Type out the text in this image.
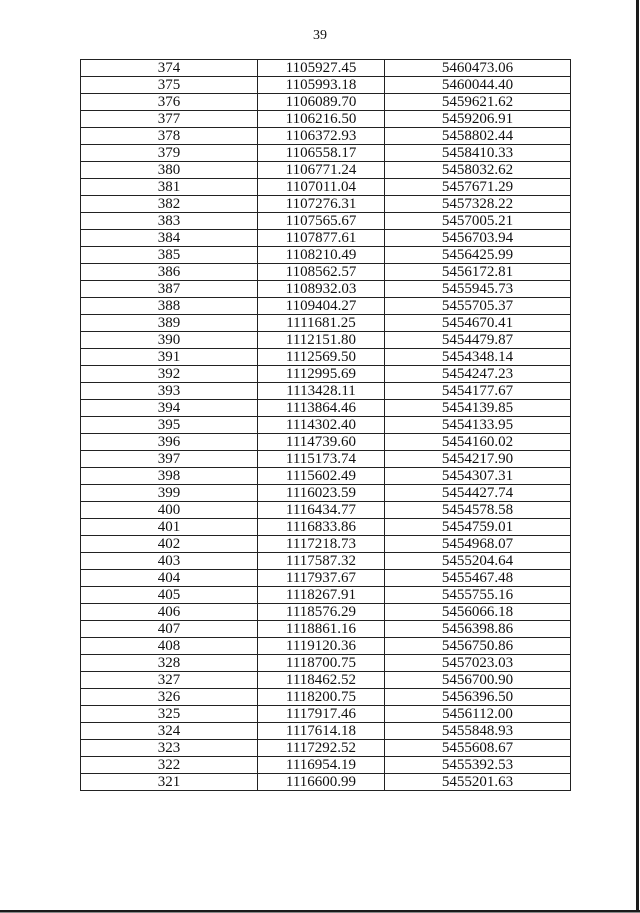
39
374	1105927.45	5460473.06
375	1105993.18	5460044.40
376	1106089.70	5459621.62
377	1106216.50	5459206.91
378	1106372.93	5458802.44
379	1106558.17	5458410.33
380	1106771.24	5458032.62
381	1107011.04	5457671.29
382	1107276.31	5457328.22
383	1107565.67	5457005.21
384	1107877.61	5456703.94
385	1108210.49	5456425.99
386	1108562.57	5456172.81
387	1108932.03	5455945.73
388	1109404.27	5455705.37
389	1111681.25	5454670.41
390	1112151.80	5454479.87
391	1112569.50	5454348.14
392	1112995.69	5454247.23
393	1113428.11	5454177.67
394	1113864.46	5454139.85
395	1114302.40	5454133.95
396	1114739.60	5454160.02
397	1115173.74	5454217.90
398	1115602.49	5454307.31
399	1116023.59	5454427.74
400	1116434.77	5454578.58
401	1116833.86	5454759.01
402	1117218.73	5454968.07
403	1117587.32	5455204.64
404	1117937.67	5455467.48
405	1118267.91	5455755.16
406	1118576.29	5456066.18
407	1118861.16	5456398.86
408	1119120.36	5456750.86
328	1118700.75	5457023.03
327	1118462.52	5456700.90
326	1118200.75	5456396.50
325	1117917.46	5456112.00
324	1117614.18	5455848.93
323	1117292.52	5455608.67
322	1116954.19	5455392.53
321	1116600.99	5455201.63
